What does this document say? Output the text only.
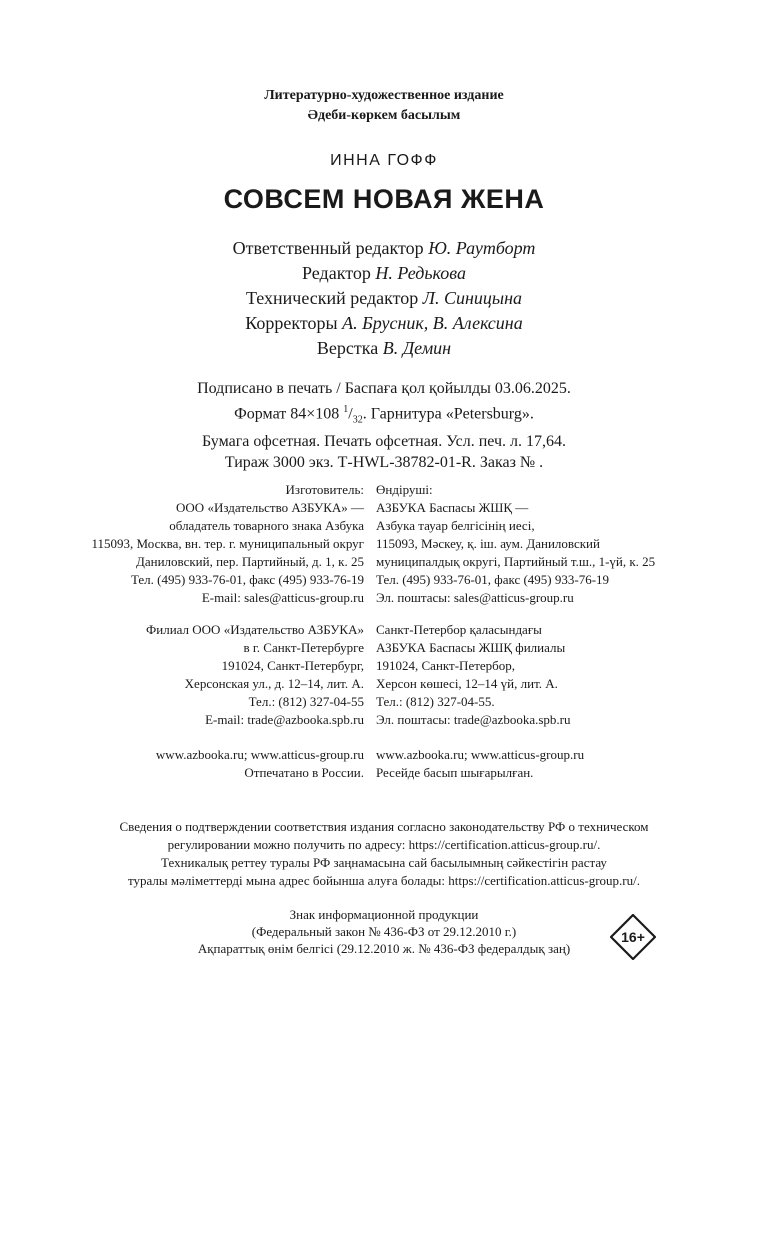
Литературно-художественное издание
Әдеби-көркем басылым
ИННА ГОФФ
СОВСЕМ НОВАЯ ЖЕНА
Ответственный редактор Ю. Раутборт
Редактор Н. Редькова
Технический редактор Л. Синицына
Корректоры А. Брусник, В. Алексина
Верстка В. Демин
Подписано в печать / Баспаға қол қойылды 03.06.2025.
Формат 84×108 $^1/_{32}$. Гарнитура «Petersburg».
Бумага офсетная. Печать офсетная. Усл. печ. л. 17,64.
Тираж 3000 экз. Т-HWL-38782-01-R. Заказ № .
Изготовитель:
ООО «Издательство АЗБУКА» —
обладатель товарного знака Азбука
115093, Москва, вн. тер. г. муниципальный округ
Даниловский, пер. Партийный, д. 1, к. 25
Тел. (495) 933-76-01, факс (495) 933-76-19
E-mail: sales@atticus-group.ru
Өндіруші:
АЗБУКА Баспасы ЖШҚ —
Азбука тауар белгісінің иесі,
115093, Мәскеу, қ. іш. аум. Даниловский
муниципалдық округі, Партийный т.ш., 1-үй, к. 25
Тел. (495) 933-76-01, факс (495) 933-76-19
Эл. поштасы: sales@atticus-group.ru
Филиал ООО «Издательство АЗБУКА»
в г. Санкт-Петербурге
191024, Санкт-Петербург,
Херсонская ул., д. 12–14, лит. А.
Тел.: (812) 327-04-55
E-mail: trade@azbooka.spb.ru
Санкт-Петербор қаласындағы
АЗБУКА Баспасы ЖШҚ филиалы
191024, Санкт-Петербор,
Херсон көшесі, 12–14 үй, лит. А.
Тел.: (812) 327-04-55.
Эл. поштасы: trade@azbooka.spb.ru
www.azbooka.ru; www.atticus-group.ru
Отпечатано в России.
www.azbooka.ru; www.atticus-group.ru
Ресейде басып шығарылған.
Сведения о подтверждении соответствия издания согласно законодательству РФ о техническом
регулировании можно получить по адресу: https://certification.atticus-group.ru/.
Техникалық реттеу туралы РФ заңнамасына сай басылымның сәйкестігін растау
туралы мәліметтерді мына адрес бойынша алуға болады: https://certification.atticus-group.ru/.
Знак информационной продукции
(Федеральный закон № 436-ФЗ от 29.12.2010 г.)
Ақпараттық өнім белгісі (29.12.2010 ж. № 436-ФЗ федералдық заң)
16+
